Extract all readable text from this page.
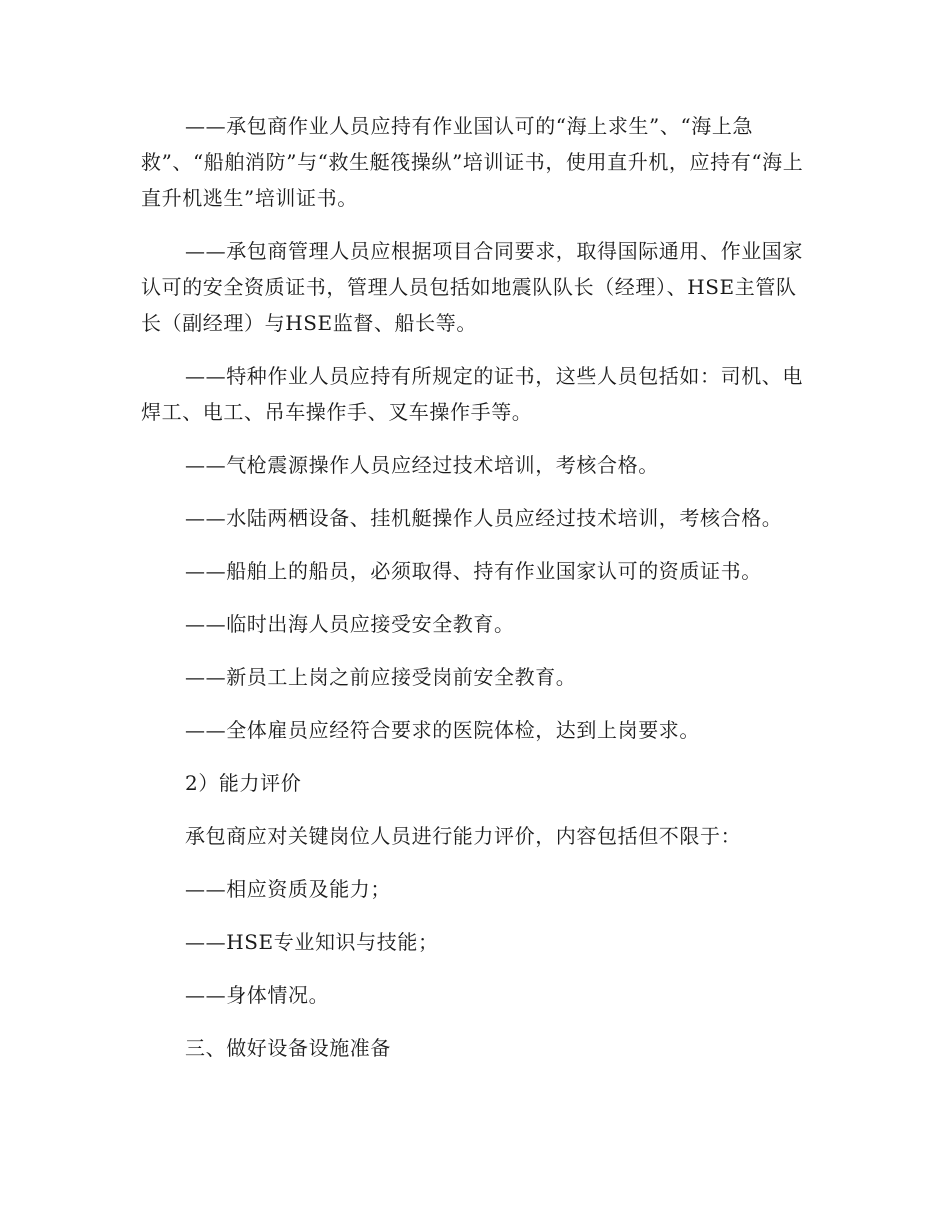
——承包商作业人员应持有作业国认可的“海上求生”、“海上急救”、“船舶消防”与“救生艇筏操纵”培训证书，使用直升机，应持有“海上直升机逃生”培训证书。

——承包商管理人员应根据项目合同要求，取得国际通用、作业国家认可的安全资质证书，管理人员包括如地震队队长（经理）、HSE主管队长（副经理）与HSE监督、船长等。

——特种作业人员应持有所规定的证书，这些人员包括如：司机、电焊工、电工、吊车操作手、叉车操作手等。

——气枪震源操作人员应经过技术培训，考核合格。

——水陆两栖设备、挂机艇操作人员应经过技术培训，考核合格。

——船舶上的船员，必须取得、持有作业国家认可的资质证书。

——临时出海人员应接受安全教育。

——新员工上岗之前应接受岗前安全教育。

——全体雇员应经符合要求的医院体检，达到上岗要求。

2）能力评价

承包商应对关键岗位人员进行能力评价，内容包括但不限于：

——相应资质及能力；

——HSE专业知识与技能；

——身体情况。

三、做好设备设施准备
